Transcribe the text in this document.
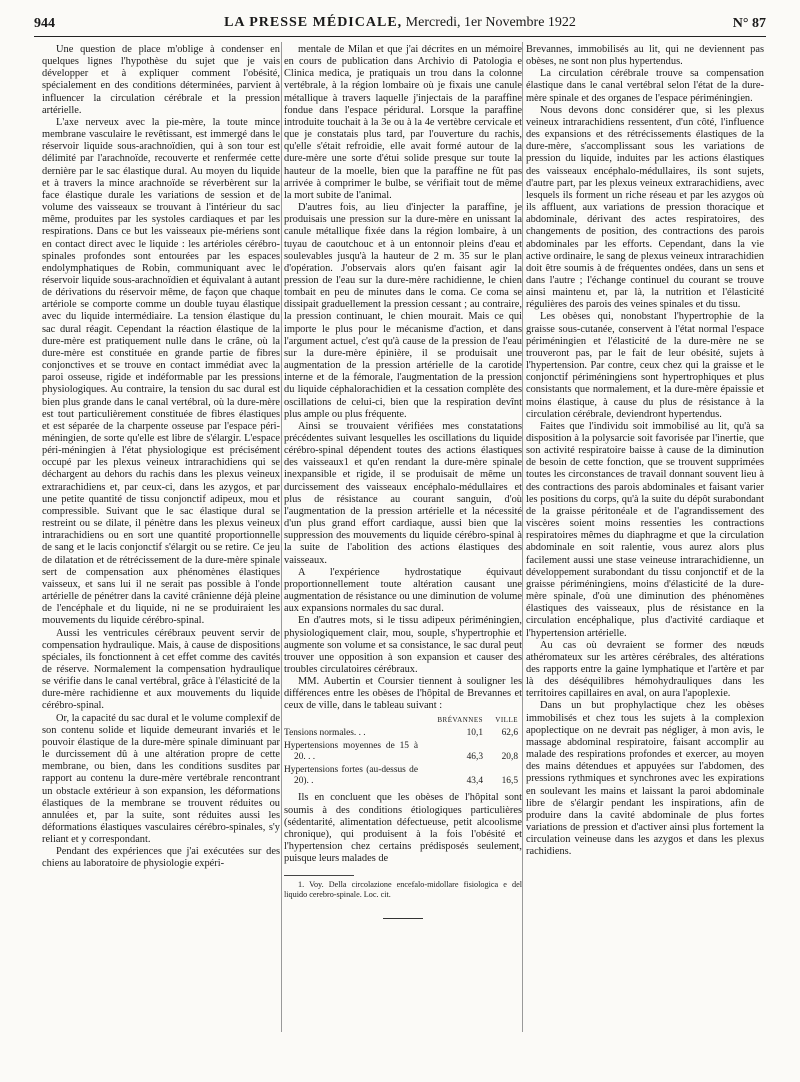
944	LA PRESSE MÉDICALE, Mercredi, 1er Novembre 1922	N° 87

Une question de place m'oblige à condenser en quelques lignes l'hypothèse du sujet que je vais développer et à expliquer comment l'obésité, spécialement en des conditions déterminées, parvient à influencer la circulation cérébrale et la pression artérielle.

L'axe nerveux avec la pie-mère, la toute mince membrane vasculaire le revêtissant, est immergé dans le réservoir liquide sous-arachnoïdien, qui à son tour est délimité par l'arachnoïde, recouverte et renfermée cette dernière par le sac élastique dural. Au moyen du liquide et à travers la mince arachnoïde se réverbèrent sur la face élastique durale les variations de session et de volume des vaisseaux se trouvant à l'intérieur du sac même, produites par les systoles cardiaques et par les respirations. Dans ce but les vaisseaux pie-mériens sont en contact direct avec le liquide : les artérioles cérébro-spinales profondes sont entourées par les espaces endolymphatiques de Robin, communiquant avec le réservoir liquide sous-arachnoïdien et équivalant à autant de dérivations du réservoir même, de façon que chaque artériole se comporte comme un double tuyau élastique avec du liquide intermédiaire. La tension élastique du sac dural réagit. Cependant la réaction élastique de la dure-mère est pratiquement nulle dans le crâne, où la dure-mère est constituée en grande partie de fibres conjonctives et se trouve en contact immédiat avec la paroi osseuse, rigide et indéformable par les pressions physiologiques. Au contraire, la tension du sac dural est bien plus grande dans le canal vertébral, où la dure-mère est tout particulièrement constituée de fibres élastiques et est séparée de la charpente osseuse par l'espace péri-méningien, de sorte qu'elle est libre de s'élargir. L'espace péri-méningien à l'état physiologique est précisément occupé par les plexus veineux intrarachidiens qui se déchargent au dehors du rachis dans les plexus veineux extrarachidiens et, par ceux-ci, dans les azygos, et par une petite quantité de tissu conjonctif adipeux, mou et compressible. Suivant que le sac élastique dural se restreint ou se dilate, il pénètre dans les plexus veineux intrarachidiens ou en sort une quantité proportionnelle de sang et le lacis conjonctif s'élargit ou se retire. Ce jeu de dilatation et de rétrécissement de la dure-mère spinale sert de compensation aux phénomènes élastiques vaisseux, et sans lui il ne serait pas possible à l'onde artérielle de pénétrer dans la cavité crânienne déjà pleine de l'encéphale et du liquide, ni ne se produiraient les mouvements du liquide cérébro-spinal.

Aussi les ventricules cérébraux peuvent servir de compensation hydraulique. Mais, à cause de dispositions spéciales, ils fonctionnent à cet effet comme des cavités de réserve. Normalement la compensation hydraulique se vérifie dans le canal vertébral, grâce à l'élasticité de la dure-mère rachidienne et aux mouvements du liquide cérébro-spinal.

Or, la capacité du sac dural et le volume complexif de son contenu solide et liquide demeurant invariés et le pouvoir élastique de la dure-mère spinale diminuant par le durcissement dû à une altération propre de cette membrane, ou bien, dans les conditions susdites par rapport au contenu la dure-mère vertébrale rencontrant un obstacle extérieur à son expansion, les déformations élastiques de la membrane se trouvent réduites ou annulées et, par la suite, sont réduites aussi les déformations élastiques vasculaires cérébro-spinales, s'y reliant et y correspondant.

Pendant des expériences que j'ai exécutées sur des chiens au laboratoire de physiologie expéri-

mentale de Milan et que j'ai décrites en un mémoire en cours de publication dans Archivio di Patologia e Clinica medica, je pratiquais un trou dans la colonne vertébrale, à la région lombaire où je fixais une canule métallique à travers laquelle j'injectais de la paraffine fondue dans l'espace péridural. Lorsque la paraffine introduite touchait à la 3e ou à la 4e vertèbre cervicale et que je constatais plus tard, par l'ouverture du rachis, qu'elle s'était refroidie, elle avait formé autour de la dure-mère une sorte d'étui solide presque sur toute la hauteur de la moelle, bien que la paraffine ne fût pas arrivée à comprimer le bulbe, se vérifiait tout de même la mort subite de l'animal.

D'autres fois, au lieu d'injecter la paraffine, je produisais une pression sur la dure-mère en unissant la canule métallique fixée dans la région lombaire, à un tuyau de caoutchouc et à un entonnoir pleins d'eau et soulevables jusqu'à la hauteur de 2 m. 35 sur le plan d'opération. J'observais alors qu'en faisant agir la pression de l'eau sur la dure-mère rachidienne, le chien tombait en peu de minutes dans le coma. Ce coma se dissipait graduellement la pression cessant ; au contraire, la pression continuant, le chien mourait. Mais ce qui importe le plus pour le mécanisme d'action, et dans l'argument actuel, c'est qu'à cause de la pression de l'eau sur la dure-mère épinière, il se produisait une augmentation de la pression artérielle de la carotide interne et de la fémorale, l'augmentation de la pression du liquide céphalorachidien et la cessation complète des oscillations de celui-ci, bien que la respiration devînt plus ample ou plus fréquente.

Ainsi se trouvaient vérifiées mes constatations précédentes suivant lesquelles les oscillations du liquide cérébro-spinal dépendent toutes des actions élastiques des vaisseaux1 et qu'en rendant la dure-mère spinale inexpansible et rigide, il se produisait de même un durcissement des vaisseaux encéphalo-médullaires et plus de résistance au courant sanguin, d'où l'augmentation de la pression artérielle et la nécessité d'un plus grand effort cardiaque, aussi bien que la suppression des mouvements du liquide cérébro-spinal à la suite de l'abolition des actions élastiques des vaisseaux.

A l'expérience hydrostatique équivaut proportionnellement toute altération causant une augmentation de résistance ou une diminution de volume aux expansions normales du sac dural.

En d'autres mots, si le tissu adipeux périméningien, physiologiquement clair, mou, souple, s'hypertrophie et augmente son volume et sa consistance, le sac dural peut trouver une opposition à son expansion et causer des troubles circulatoires cérébraux.

MM. Aubertin et Coursier tiennent à souligner les différences entre les obèses de l'hôpital de Brevannes et ceux de ville, dans le tableau suivant :

	BRÉVANNES	VILLE
Tensions normales. . .	10,1	62,6
Hypertensions moyennes de 15 à 20. . .	46,3	20,8
Hypertensions fortes (au-dessus de 20). .	43,4	16,5

Ils en concluent que les obèses de l'hôpital sont soumis à des conditions étiologiques particulières (sédentarité, alimentation défectueuse, petit alcoolisme chronique), qui produisent à la fois l'obésité et l'hypertension chez certains prédisposés seulement, puisque leurs malades de

1. Voy. Della circolazione encefalo-midollare fisiologica e del liquido cerebro-spinale. Loc. cit.

Brevannes, immobilisés au lit, qui ne deviennent pas obèses, ne sont non plus hypertendus.

La circulation cérébrale trouve sa compensation élastique dans le canal vertébral selon l'état de la dure-mère spinale et des organes de l'espace périméningien.

Nous devons donc considérer que, si les plexus veineux intrarachidiens ressentent, d'un côté, l'influence des expansions et des rétrécissements élastiques de la dure-mère, s'accomplissant sous les variations de pression du liquide, induites par les actions élastiques des vaisseaux encéphalo-médullaires, ils sont sujets, d'autre part, par les plexus veineux extrarachidiens, avec lesquels ils forment un riche réseau et par les azygos où ils affluent, aux variations de pression thoracique et abdominale, dérivant des actes respiratoires, des changements de position, des contractions des parois abdominales par les efforts. Cependant, dans la vie active ordinaire, le sang de plexus veineux intrarachidien doit être soumis à de fréquentes ondées, dans un sens et dans l'autre ; l'échange continuel du courant se trouve ainsi maintenu et, par là, la nutrition et l'élasticité régulières des parois des veines spinales et du tissu.

Les obèses qui, nonobstant l'hypertrophie de la graisse sous-cutanée, conservent à l'état normal l'espace périméningien et l'élasticité de la dure-mère ne se trouveront pas, par le fait de leur obésité, sujets à l'hypertension. Par contre, ceux chez qui la graisse et le conjonctif périméningiens sont hypertrophiques et plus consistants que normalement, et la dure-mère épaissie et moins élastique, à cause du plus de résistance à la circulation cérébrale, deviendront hypertendus.

Faites que l'individu soit immobilisé au lit, qu'à sa disposition à la polysarcie soit favorisée par l'inertie, que son activité respiratoire baisse à cause de la diminution de besoin de cette fonction, que se trouvent supprimées toutes les circonstances de travail donnant souvent lieu à des contractions des parois abdominales et faisant varier les positions du corps, qu'à la suite du dépôt surabondant de la graisse péritonéale et de l'agrandissement des viscères soient moins ressenties les contractions respiratoires mêmes du diaphragme et que la circulation abdominale en soit ralentie, vous aurez alors plus facilement aussi une stase veineuse intrarachidienne, un développement surabondant du tissu conjonctif et de la graisse périméningiens, moins d'élasticité de la dure-mère spinale, d'où une diminution des phénomènes élastiques des vaisseaux, plus de résistance en la circulation encéphalique, plus d'activité cardiaque et l'hypertension artérielle.

Au cas où devraient se former des nœuds athéromateux sur les artères cérébrales, des altérations des rapports entre la gaine lymphatique et l'artère et par là des déséquilibres hémohydrauliques dans les territoires capillaires en aval, on aura l'apoplexie.

Dans un but prophylactique chez les obèses immobilisés et chez tous les sujets à la complexion apoplectique on ne devrait pas négliger, à mon avis, le massage abdominal respiratoire, faisant accomplir au malade des respirations profondes et exercer, au moyen des mains détendues et appuyées sur l'abdomen, des pressions rythmiques et synchrones avec les expirations en soulevant les mains et laissant la paroi abdominale libre de s'élargir pendant les inspirations, afin de produire dans la cavité abdominale de plus fortes variations de pression et d'activer ainsi plus fortement la circulation veineuse dans les azygos et dans les plexus rachidiens.
